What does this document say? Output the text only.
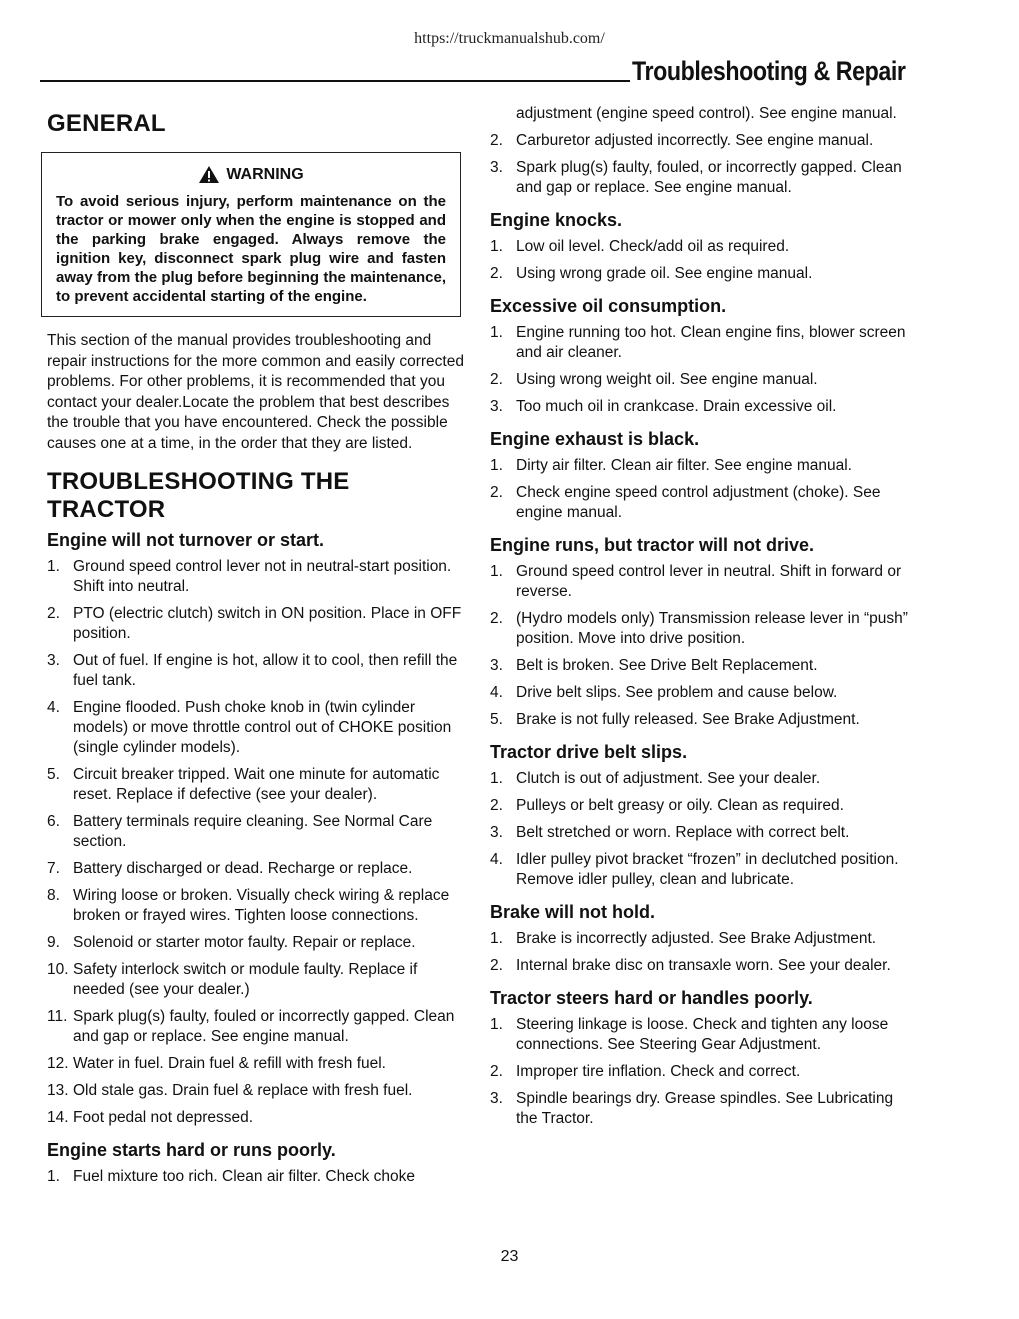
https://truckmanualshub.com/
Troubleshooting & Repair
GENERAL
WARNING
To avoid serious injury, perform maintenance on the tractor or mower only when the engine is stopped and the parking brake engaged. Always remove the ignition key, disconnect spark plug wire and fasten away from the plug before beginning the maintenance, to prevent accidental starting of the engine.
This section of the manual provides troubleshooting and repair instructions for the more common and easily corrected problems. For other problems, it is recommended that you contact your dealer.Locate the problem that best describes the trouble that you have encountered. Check the possible causes one at a time, in the order that they are listed.
TROUBLESHOOTING THE TRACTOR
Engine will not turnover or start.
1. Ground speed control lever not in neutral-start position. Shift into neutral.
2. PTO (electric clutch) switch in ON position. Place in OFF position.
3. Out of fuel. If engine is hot, allow it to cool, then refill the fuel tank.
4. Engine flooded. Push choke knob in (twin cylinder models) or move throttle control out of CHOKE position (single cylinder models).
5. Circuit breaker tripped. Wait one minute for automatic reset. Replace if defective (see your dealer).
6. Battery terminals require cleaning. See Normal Care section.
7. Battery discharged or dead. Recharge or replace.
8. Wiring loose or broken. Visually check wiring & replace broken or frayed wires. Tighten loose connections.
9. Solenoid or starter motor faulty. Repair or replace.
10. Safety interlock switch or module faulty. Replace if needed (see your dealer.)
11. Spark plug(s) faulty, fouled or incorrectly gapped. Clean and gap or replace. See engine manual.
12. Water in fuel. Drain fuel & refill with fresh fuel.
13. Old stale gas. Drain fuel & replace with fresh fuel.
14. Foot pedal not depressed.
Engine starts hard or runs poorly.
1. Fuel mixture too rich. Clean air filter. Check choke
adjustment (engine speed control). See engine manual.
2. Carburetor adjusted incorrectly. See engine manual.
3. Spark plug(s) faulty, fouled, or incorrectly gapped. Clean and gap or replace. See engine manual.
Engine knocks.
1. Low oil level. Check/add oil as required.
2. Using wrong grade oil. See engine manual.
Excessive oil consumption.
1. Engine running too hot. Clean engine fins, blower screen and air cleaner.
2. Using wrong weight oil. See engine manual.
3. Too much oil in crankcase. Drain excessive oil.
Engine exhaust is black.
1. Dirty air filter. Clean air filter. See engine manual.
2. Check engine speed control adjustment (choke). See engine manual.
Engine runs, but tractor will not drive.
1. Ground speed control lever in neutral. Shift in forward or reverse.
2. (Hydro models only) Transmission release lever in “push” position. Move into drive position.
3. Belt is broken. See Drive Belt Replacement.
4. Drive belt slips. See problem and cause below.
5. Brake is not fully released. See Brake Adjustment.
Tractor drive belt slips.
1. Clutch is out of adjustment. See your dealer.
2. Pulleys or belt greasy or oily. Clean as required.
3. Belt stretched or worn. Replace with correct belt.
4. Idler pulley pivot bracket “frozen” in declutched position. Remove idler pulley, clean and lubricate.
Brake will not hold.
1. Brake is incorrectly adjusted. See Brake Adjustment.
2. Internal brake disc on transaxle worn. See your dealer.
Tractor steers hard or handles poorly.
1. Steering linkage is loose. Check and tighten any loose connections. See Steering Gear Adjustment.
2. Improper tire inflation. Check and correct.
3. Spindle bearings dry. Grease spindles. See Lubricating the Tractor.
23
